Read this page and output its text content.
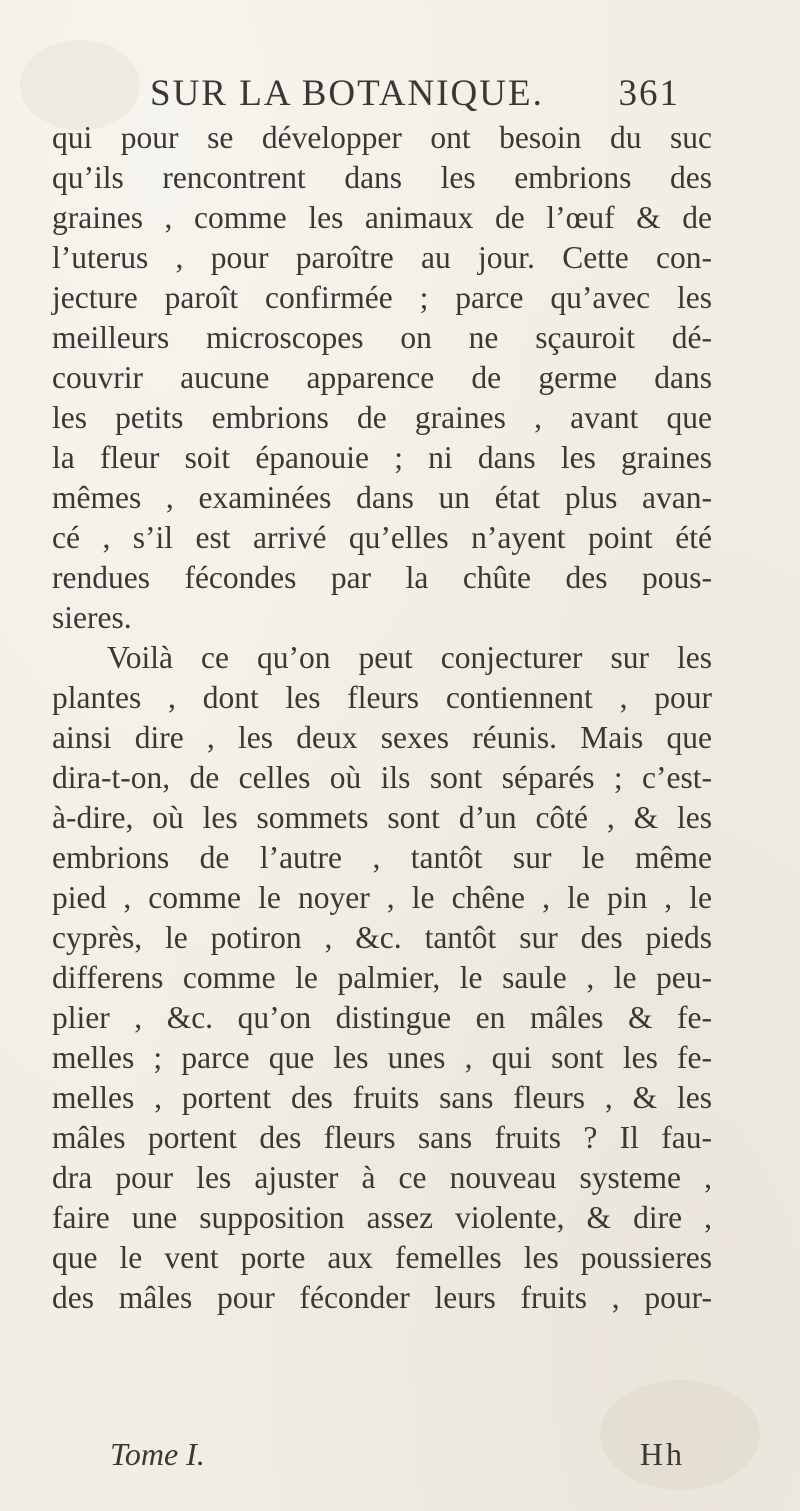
SUR LA BOTANIQUE. 361
qui pour se développer ont besoin du suc
qu’ils rencontrent dans les embrions des
graines , comme les animaux de l’œuf & de
l’uterus , pour paroître au jour. Cette con-
jecture paroît confirmée ; parce qu’avec les
meilleurs microscopes on ne sçauroit dé-
couvrir aucune apparence de germe dans
les petits embrions de graines , avant que
la fleur soit épanouie ; ni dans les graines
mêmes , examinées dans un état plus avan-
cé , s’il est arrivé qu’elles n’ayent point été
rendues fécondes par la chûte des pous-
sieres.
Voilà ce qu’on peut conjecturer sur les
plantes , dont les fleurs contiennent , pour
ainsi dire , les deux sexes réunis. Mais que
dira-t-on, de celles où ils sont séparés ; c’est-
à-dire, où les sommets sont d’un côté , & les
embrions de l’autre , tantôt sur le même
pied , comme le noyer , le chêne , le pin , le
cyprès, le potiron , &c. tantôt sur des pieds
differens comme le palmier, le saule , le peu-
plier , &c. qu’on distingue en mâles & fe-
melles ; parce que les unes , qui sont les fe-
melles , portent des fruits sans fleurs , & les
mâles portent des fleurs sans fruits ? Il fau-
dra pour les ajuster à ce nouveau systeme ,
faire une supposition assez violente, & dire ,
que le vent porte aux femelles les poussieres
des mâles pour féconder leurs fruits , pour-
Tome I.	Hh
